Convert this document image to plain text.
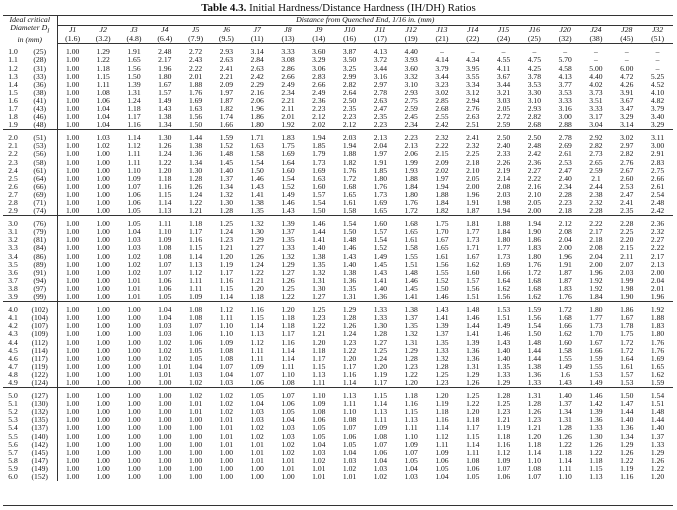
Table 4.3. Initial Hardness/Distance Hardness (IH/DH) Ratios
Ideal critical
Diameter $D_I$
in (mm)		Distance from Quenched End, 1/16 in. (mm)																			
		J1	J2	J3	J4	J5	J6	J7	J8	J9	J10	J11	J12	J13	J14	J15	J16	J20	J24	J28	J32
		(1.6)	(3.2)	(4.8)	(6.4)	(7.9)	(9.5)	(11)	(13)	(14)	(16)	(17)	(19)	(21)	(22)	(24)	(25)	(32)	(38)	(45)	(51)
1.0	(25)	1.00	1.29	1.91	2.48	2.72	2.93	3.14	3.33	3.60	3.87	4.13	4.40	–	–	–	–	–	–	–	–
1.1	(28)	1.00	1.22	1.65	2.17	2.43	2.63	2.84	3.08	3.29	3.50	3.72	3.93	4.14	4.34	4.55	4.75	5.70	–	–	–
1.2	(31)	1.00	1.18	1.56	1.96	2.22	2.41	2.63	2.86	3.06	3.25	3.44	3.60	3.79	3.95	4.11	4.25	4.58	5.00	6.00	–
1.3	(33)	1.00	1.15	1.50	1.80	2.01	2.21	2.42	2.66	2.83	2.99	3.16	3.32	3.44	3.55	3.67	3.78	4.13	4.40	4.72	5.25
1.4	(36)	1.00	1.11	1.39	1.67	1.88	2.09	2.29	2.49	2.66	2.82	2.97	3.10	3.23	3.34	3.44	3.53	3.77	4.02	4.26	4.52
1.5	(38)	1.00	1.08	1.31	1.57	1.76	1.97	2.16	2.34	2.49	2.64	2.78	2.93	3.02	3.12	3.21	3.30	3.53	3.73	3.91	4.10
1.6	(41)	1.00	1.06	1.24	1.49	1.69	1.87	2.06	2.21	2.36	2.50	2.63	2.75	2.85	2.94	3.03	3.10	3.33	3.51	3.67	4.82
1.7	(43)	1.00	1.04	1.18	1.43	1.63	1.82	1.96	2.11	2.23	2.35	2.47	2.59	2.68	2.76	2.05	2.93	3.16	3.33	3.47	3.79
1.8	(46)	1.00	1.04	1.17	1.38	1.56	1.74	1.86	2.01	2.12	2.23	2.35	2.45	2.55	2.63	2.72	2.82	3.00	3.17	3.29	3.40
1.9	(48)	1.00	1.04	1.16	1.34	1.50	1.66	1.80	1.92	2.02	2.12	2.23	2.34	2.42	2.51	2.59	2.68	2.88	3.04	3.14	3.29
2.0	(51)	1.00	1.03	1.14	1.30	1.44	1.59	1.71	1.83	1.94	2.03	2.13	2.23	2.32	2.41	2.50	2.50	2.78	2.92	3.02	3.11
2.1	(53)	1.00	1.02	1.12	1.26	1.38	1.52	1.63	1.75	1.85	1.94	2.04	2.13	2.22	2.32	2.40	2.48	2.69	2.82	2.97	3.00
2.2	(56)	1.00	1.00	1.11	1.24	1.36	1.48	1.58	1.69	1.79	1.88	1.97	2.06	2.15	2.25	2.33	2.42	2.61	2.73	2.82	2.91
2.3	(58)	1.00	1.00	1.11	1.22	1.34	1.45	1.54	1.64	1.73	1.82	1.91	1.99	2.09	2.18	2.26	2.36	2.53	2.65	2.76	2.83
2.4	(61)	1.00	1.00	1.10	1.20	1.30	1.40	1.50	1.60	1.69	1.76	1.85	1.93	2.02	2.10	2.19	2.27	2.47	2.59	2.67	2.75
2.5	(64)	1.00	1.00	1.09	1.18	1.28	1.37	1.46	1.54	1.63	1.72	1.80	1.88	1.97	2.05	2.14	2.22	2.40	2.1	2.60	2.66
2.6	(66)	1.00	1.00	1.07	1.16	1.26	1.34	1.43	1.52	1.60	1.68	1.76	1.84	1.94	2.00	2.08	2.16	2.34	2.44	2.53	2.61
2.7	(69)	1.00	1.00	1.06	1.15	1.24	1.32	1.41	1.49	1.57	1.65	1.73	1.80	1.88	1.96	2.03	2.10	2.28	2.38	2.47	2.54
2.8	(71)	1.00	1.00	1.06	1.14	1.22	1.30	1.38	1.46	1.54	1.61	1.69	1.76	1.84	1.91	1.98	2.05	2.23	2.32	2.41	2.48
2.9	(74)	1.00	1.00	1.05	1.13	1.21	1.28	1.35	1.43	1.50	1.58	1.65	1.72	1.82	1.87	1.94	2.00	2.18	2.28	2.35	2.42
3.0	(76)	1.00	1.00	1.05	1.11	1.18	1.25	1.32	1.39	1.46	1.54	1.60	1.68	1.75	1.81	1.88	1.94	2.12	2.22	2.28	2.36
3.1	(79)	1.00	1.00	1.04	1.10	1.17	1.24	1.30	1.37	1.44	1.50	1.57	1.65	1.70	1.77	1.84	1.90	2.08	2.17	2.25	2.32
3.2	(81)	1.00	1.00	1.03	1.09	1.16	1.23	1.29	1.35	1.41	1.48	1.54	1.61	1.67	1.73	1.80	1.86	2.04	2.18	2.20	2.27
3.3	(84)	1.00	1.00	1.03	1.08	1.15	1.21	1.27	1.33	1.40	1.46	1.52	1.58	1.65	1.71	1.77	1.83	2.00	2.08	2.15	2.22
3.4	(86)	1.00	1.00	1.02	1.08	1.14	1.20	1.26	1.32	1.38	1.43	1.49	1.55	1.61	1.67	1.73	1.80	1.96	2.04	2.11	2.17
3.5	(89)	1.00	1.00	1.02	1.07	1.13	1.19	1.24	1.29	1.35	1.40	1.45	1.51	1.56	1.62	1.69	1.76	1.91	2.00	2.07	2.13
3.6	(91)	1.00	1.00	1.02	1.07	1.12	1.17	1.22	1.27	1.32	1.38	1.43	1.48	1.55	1.60	1.66	1.72	1.87	1.96	2.03	2.00
3.7	(94)	1.00	1.00	1.01	1.06	1.11	1.16	1.21	1.26	1.31	1.36	1.41	1.46	1.52	1.57	1.64	1.68	1.87	1.92	1.99	2.04
3.8	(97)	1.00	1.00	1.01	1.06	1.11	1.15	1.20	1.25	1.30	1.35	1.40	1.45	1.50	1.56	1.62	1.68	1.83	1.92	1.98	2.01
3.9	(99)	1.00	1.00	1.01	1.05	1.09	1.14	1.18	1.22	1.27	1.31	1.36	1.41	1.46	1.51	1.56	1.62	1.76	1.84	1.90	1.96
4.0	(102)	1.00	1.00	1.00	1.04	1.08	1.12	1.16	1.20	1.25	1.29	1.33	1.38	1.43	1.48	1.53	1.59	1.72	1.80	1.86	1.92
4.1	(104)	1.00	1.00	1.00	1.04	1.08	1.11	1.15	1.18	1.23	1.28	1.33	1.37	1.41	1.46	1.51	1.56	1.68	1.77	1.67	1.88
4.2	(107)	1.00	1.00	1.00	1.03	1.07	1.10	1.14	1.18	1.22	1.26	1.30	1.35	1.39	1.44	1.49	1.54	1.66	1.73	1.78	1.83
4.3	(109)	1.00	1.00	1.00	1.03	1.06	1.10	1.13	1.17	1.21	1.24	1.28	1.32	1.37	1.41	1.46	1.50	1.62	1.70	1.75	1.80
4.4	(112)	1.00	1.00	1.00	1.02	1.06	1.09	1.12	1.16	1.20	1.23	1.27	1.31	1.35	1.39	1.43	1.48	1.60	1.67	1.72	1.76
4.5	(114)	1.00	1.00	1.00	1.02	1.05	1.08	1.11	1.14	1.18	1.22	1.25	1.29	1.33	1.36	1.40	1.44	1.58	1.66	1.72	1.76
4.6	(117)	1.00	1.00	1.00	1.02	1.05	1.08	1.11	1.14	1.17	1.20	1.24	1.28	1.32	1.36	1.40	1.44	1.55	1.59	1.64	1.69
4.7	(119)	1.00	1.00	1.00	1.01	1.04	1.07	1.09	1.11	1.15	1.17	1.20	1.23	1.28	1.31	1.35	1.38	1.49	1.55	1.61	1.65
4.8	(122)	1.00	1.00	1.00	1.01	1.03	1.04	1.07	1.10	1.13	1.16	1.19	1.22	1.25	1.29	1.33	1.36	1.6	1.53	1.57	1.62
4.9	(124)	1.00	1.00	1.00	1.00	1.02	1.03	1.06	1.08	1.11	1.14	1.17	1.20	1.23	1.26	1.29	1.33	1.43	1.49	1.53	1.59
5.0	(127)	1.00	1.00	1.00	1.00	1.02	1.02	1.05	1.07	1.10	1.13	1.15	1.18	1.20	1.25	1.28	1.31	1.40	1.46	1.50	1.54
5.1	(130)	1.00	1.00	1.00	1.00	1.01	1.02	1.04	1.06	1.09	1.11	1.14	1.16	1.19	1.22	1.25	1.28	1.37	1.42	1.47	1.51
5.2	(132)	1.00	1.00	1.00	1.00	1.01	1.02	1.03	1.05	1.08	1.10	1.13	1.15	1.18	1.20	1.23	1.26	1.34	1.39	1.44	1.48
5.3	(135)	1.00	1.00	1.00	1.00	1.00	1.01	1.03	1.04	1.06	1.08	1.11	1.13	1.16	1.18	1.21	1.23	1.31	1.36	1.40	1.44
5.4	(137)	1.00	1.00	1.00	1.00	1.00	1.01	1.02	1.03	1.05	1.07	1.09	1.11	1.14	1.17	1.19	1.21	1.28	1.33	1.36	1.40
5.5	(140)	1.00	1.00	1.00	1.00	1.00	1.01	1.02	1.03	1.05	1.06	1.08	1.10	1.12	1.15	1.18	1.20	1.26	1.30	1.34	1.37
5.6	(142)	1.00	1.00	1.00	1.00	1.00	1.01	1.01	1.02	1.04	1.05	1.07	1.09	1.11	1.14	1.16	1.18	1.22	1.26	1.29	1.33
5.7	(145)	1.00	1.00	1.00	1.00	1.00	1.00	1.01	1.02	1.03	1.04	1.06	1.07	1.09	1.11	1.12	1.14	1.18	1.22	1.26	1.29
5.8	(147)	1.00	1.00	1.00	1.00	1.00	1.00	1.01	1.01	1.02	1.03	1.04	1.05	1.06	1.08	1.09	1.10	1.14	1.18	1.22	1.26
5.9	(149)	1.00	1.00	1.00	1.00	1.00	1.00	1.00	1.01	1.01	1.02	1.03	1.04	1.05	1.06	1.07	1.08	1.11	1.15	1.19	1.22
6.0	(152)	1.00	1.00	1.00	1.00	1.00	1.00	1.00	1.00	1.01	1.01	1.02	1.03	1.04	1.05	1.06	1.07	1.10	1.13	1.16	1.20
